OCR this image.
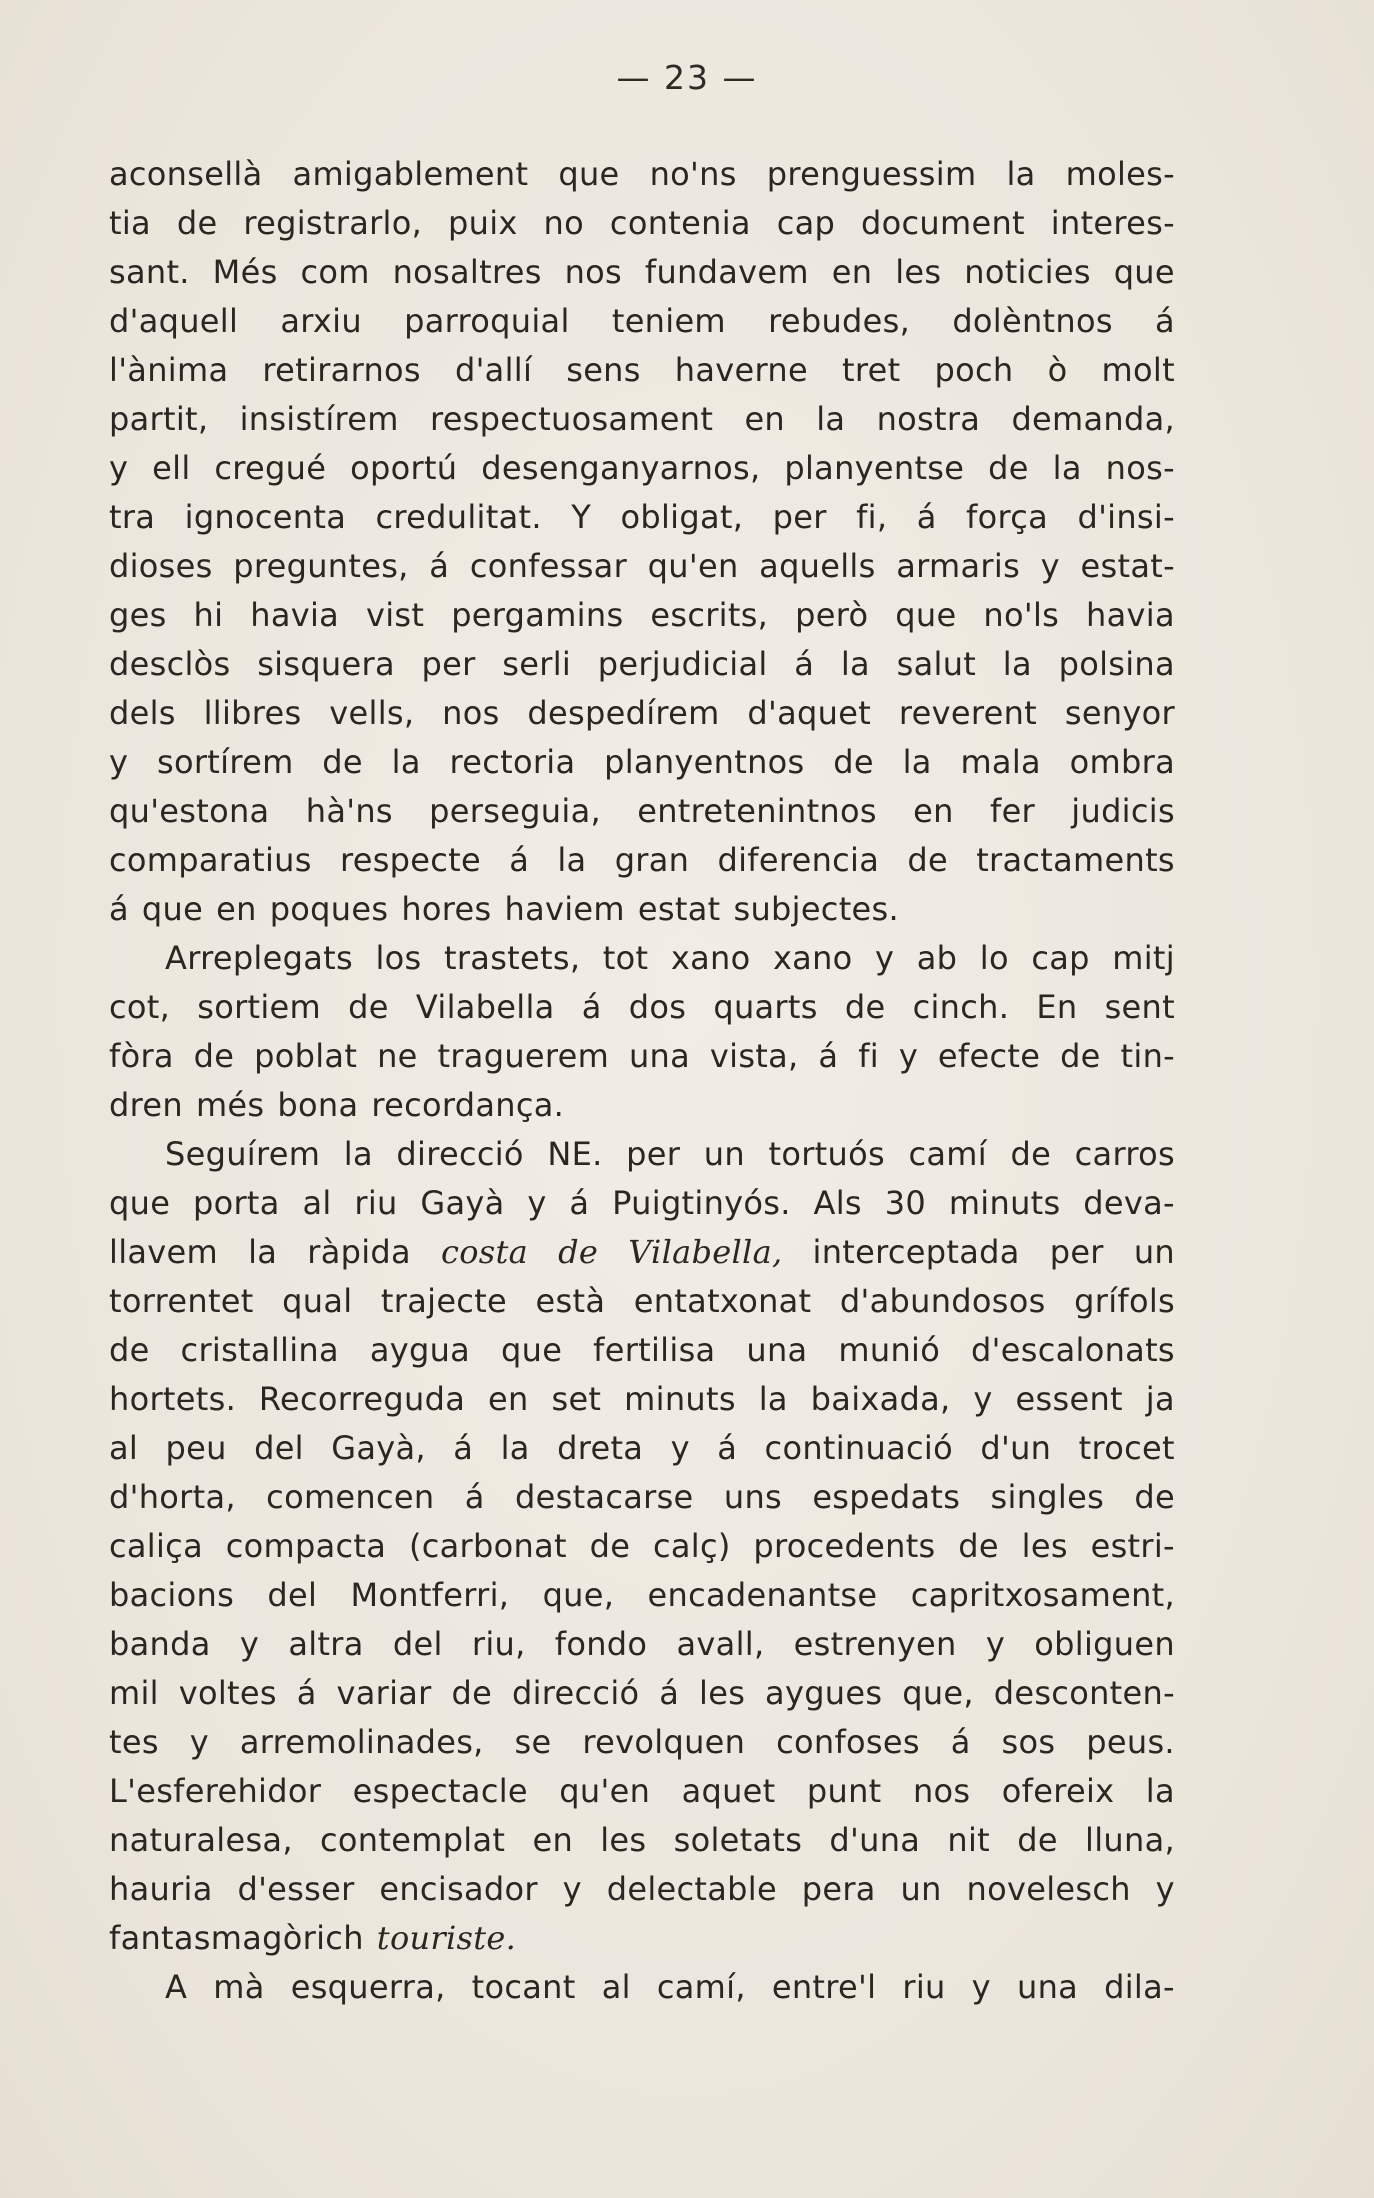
— 23 —
aconsellà amigablement que no'ns prenguessim la moles-
tia de registrarlo, puix no contenia cap document interes-
sant. Més com nosaltres nos fundavem en les noticies que
d'aquell arxiu parroquial teniem rebudes, dolèntnos á
l'ànima retirarnos d'allí sens haverne tret poch ò molt
partit, insistírem respectuosament en la nostra demanda,
y ell cregué oportú desenganyarnos, planyentse de la nos-
tra ignocenta credulitat. Y obligat, per fi, á força d'insi-
dioses preguntes, á confessar qu'en aquells armaris y estat-
ges hi havia vist pergamins escrits, però que no'ls havia
desclòs sisquera per serli perjudicial á la salut la polsina
dels llibres vells, nos despedírem d'aquet reverent senyor
y sortírem de la rectoria planyentnos de la mala ombra
qu'estona hà'ns perseguia, entretenintnos en fer judicis
comparatius respecte á la gran diferencia de tractaments
á que en poques hores haviem estat subjectes.
Arreplegats los trastets, tot xano xano y ab lo cap mitj
cot, sortiem de Vilabella á dos quarts de cinch. En sent
fòra de poblat ne traguerem una vista, á fi y efecte de tin-
dren més bona recordança.
Seguírem la direcció NE. per un tortuós camí de carros
que porta al riu Gayà y á Puigtinyós. Als 30 minuts deva-
llavem la ràpida costa de Vilabella, interceptada per un
torrentet qual trajecte està entatxonat d'abundosos grífols
de cristallina aygua que fertilisa una munió d'escalonats
hortets. Recorreguda en set minuts la baixada, y essent ja
al peu del Gayà, á la dreta y á continuació d'un trocet
d'horta, comencen á destacarse uns espedats singles de
caliça compacta (carbonat de calç) procedents de les estri-
bacions del Montferri, que, encadenantse capritxosament,
banda y altra del riu, fondo avall, estrenyen y obliguen
mil voltes á variar de direcció á les aygues que, desconten-
tes y arremolinades, se revolquen confoses á sos peus.
L'esferehidor espectacle qu'en aquet punt nos ofereix la
naturalesa, contemplat en les soletats d'una nit de lluna,
hauria d'esser encisador y delectable pera un novelesch y
fantasmagòrich touriste.
A mà esquerra, tocant al camí, entre'l riu y una dila-
